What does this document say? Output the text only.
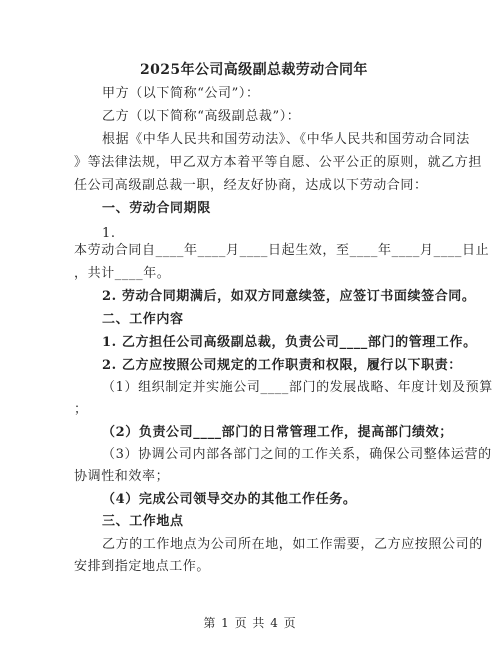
2025年公司高级副总裁劳动合同年
甲方（以下简称“公司”）：
乙方（以下简称“高级副总裁”）：
根据《中华人民共和国劳动法》、《中华人民共和国劳动合同法
》等法律法规，甲乙双方本着平等自愿、公平公正的原则，就乙方担
任公司高级副总裁一职，经友好协商，达成以下劳动合同：
一、劳动合同期限
1.
本劳动合同自____年____月____日起生效，至____年____月____日止
，共计____年。
2. 劳动合同期满后，如双方同意续签，应签订书面续签合同。
二、工作内容
1. 乙方担任公司高级副总裁，负责公司____部门的管理工作。
2. 乙方应按照公司规定的工作职责和权限，履行以下职责：
（1）组织制定并实施公司____部门的发展战略、年度计划及预算
；
（2）负责公司____部门的日常管理工作，提高部门绩效；
（3）协调公司内部各部门之间的工作关系，确保公司整体运营的
协调性和效率；
（4）完成公司领导交办的其他工作任务。
三、工作地点
乙方的工作地点为公司所在地，如工作需要，乙方应按照公司的
安排到指定地点工作。
第 1 页 共 4 页
